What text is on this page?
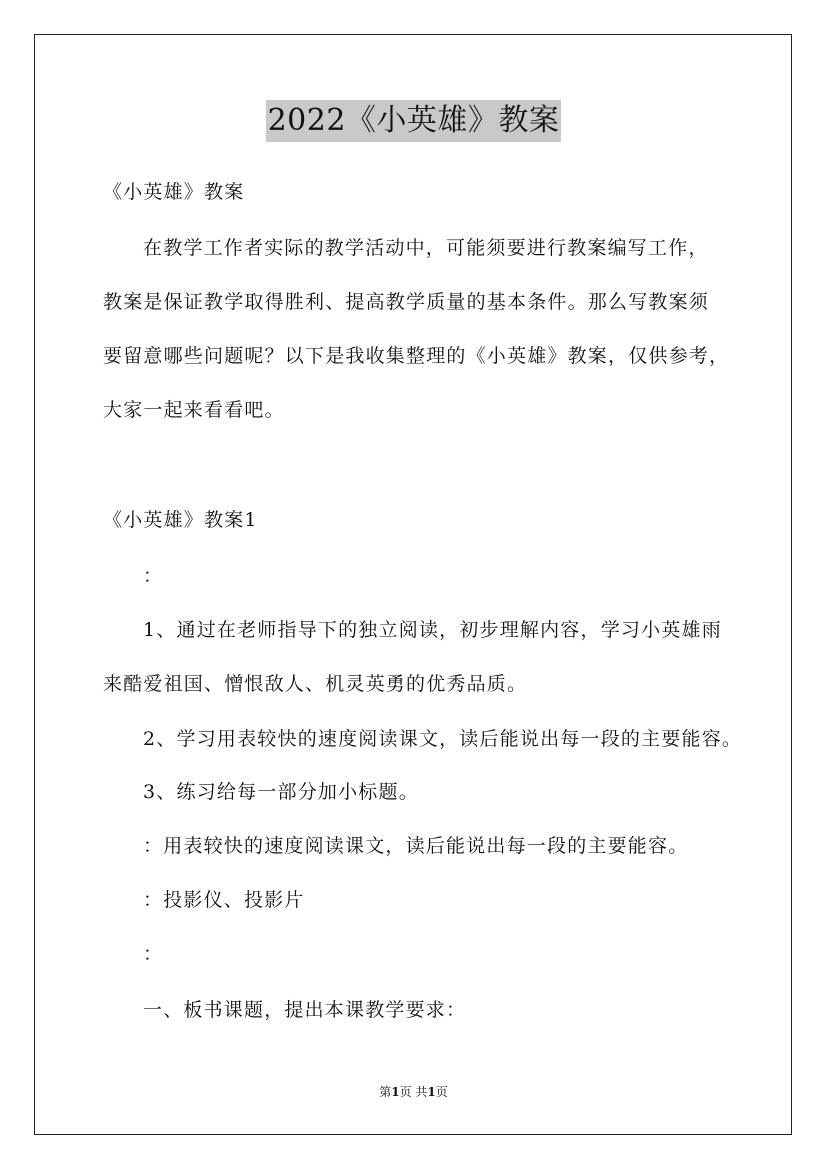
2022《小英雄》教案
《小英雄》教案
在教学工作者实际的教学活动中，可能须要进行教案编写工作，
教案是保证教学取得胜利、提高教学质量的基本条件。那么写教案须
要留意哪些问题呢？以下是我收集整理的《小英雄》教案，仅供参考，
大家一起来看看吧。
《小英雄》教案1
：
1、通过在老师指导下的独立阅读，初步理解内容，学习小英雄雨
来酷爱祖国、憎恨敌人、机灵英勇的优秀品质。
2、学习用表较快的速度阅读课文，读后能说出每一段的主要能容。
3、练习给每一部分加小标题。
：用表较快的速度阅读课文，读后能说出每一段的主要能容。
：投影仪、投影片
：
一、板书课题，提出本课教学要求：
第1页 共1页
